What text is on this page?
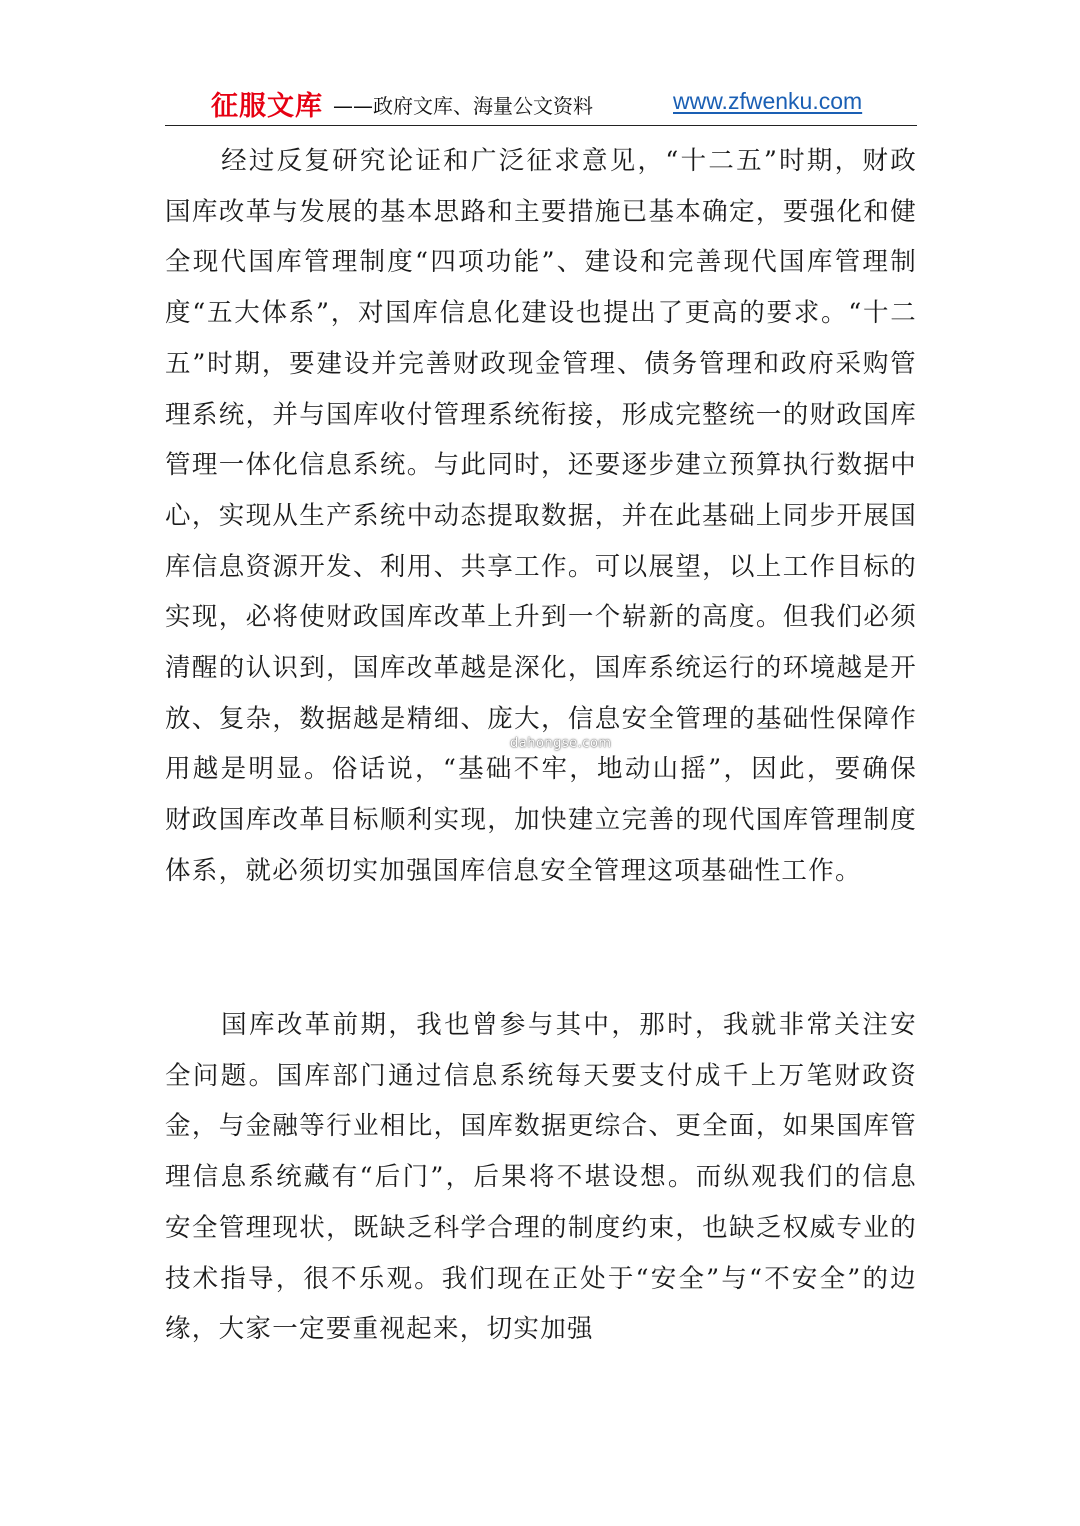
征服文库 ——政府文库、海量公文资料	www.zfwenku.com

经过反复研究论证和广泛征求意见，“十二五”时期，财政国库改革与发展的基本思路和主要措施已基本确定，要强化和健全现代国库管理制度“四项功能”、建设和完善现代国库管理制度“五大体系”，对国库信息化建设也提出了更高的要求。“十二五”时期，要建设并完善财政现金管理、债务管理和政府采购管理系统，并与国库收付管理系统衔接，形成完整统一的财政国库管理一体化信息系统。与此同时，还要逐步建立预算执行数据中心，实现从生产系统中动态提取数据，并在此基础上同步开展国库信息资源开发、利用、共享工作。可以展望，以上工作目标的实现，必将使财政国库改革上升到一个崭新的高度。但我们必须清醒的认识到，国库改革越是深化，国库系统运行的环境越是开放、复杂，数据越是精细、庞大，信息安全管理的基础性保障作用越是明显。俗话说，“基础不牢，地动山摇”，因此，要确保财政国库改革目标顺利实现，加快建立完善的现代国库管理制度体系，就必须切实加强国库信息安全管理这项基础性工作。

国库改革前期，我也曾参与其中，那时，我就非常关注安全问题。国库部门通过信息系统每天要支付成千上万笔财政资金，与金融等行业相比，国库数据更综合、更全面，如果国库管理信息系统藏有“后门”，后果将不堪设想。而纵观我们的信息安全管理现状，既缺乏科学合理的制度约束，也缺乏权威专业的技术指导，很不乐观。我们现在正处于“安全”与“不安全”的边缘，大家一定要重视起来，切实加强

dahongse.com
